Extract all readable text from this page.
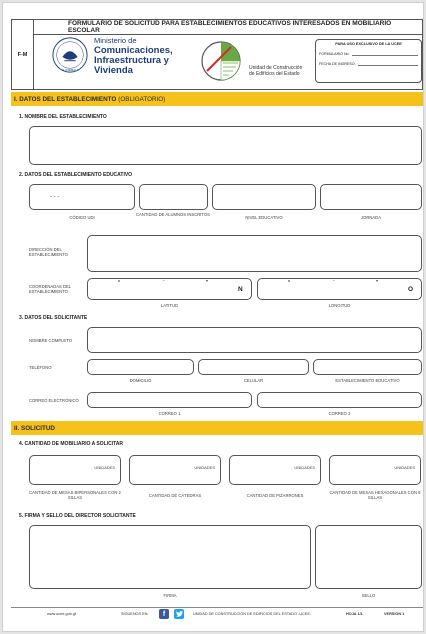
F-M
FORMULARIO DE SOLICITUD PARA ESTABLECIMIENTOS EDUCATIVOS INTERESADOS EN MOBILIARIO ESCOLAR
GUATEMALA
Ministerio de
Comunicaciones,
Infraestructura y
Vivienda	Unidad de Construcción
de Edificios del Estado
PARA USO EXCLUSIVO DE LA UCEE
FORMULARIO No.
FECHA DE INGRESO:
I. DATOS DEL ESTABLECIMIENTO (OBLIGATORIO)
1. NOMBRE DEL ESTABLECIMIENTO
2. DATOS DEL ESTABLECIMIENTO EDUCATIVO
- - -
CÓDIGO UDI
CANTIDAD DE ALUMNOS INSCRITOS
NIVEL EDUCATIVO	JORNADA
DIRECCIÓN DEL ESTABLECIMIENTO
COORDENADAS DEL ESTABLECIMIENTO
°	´	"
N
°	´	"
O
LATITUD	LONGITUD
3. DATOS DEL SOLICITANTE
NOMBRE COMPLETO
TELÉFONO
DOMICILIO	CELULAR	ESTABLECIMIENTO EDUCATIVO
CORREO ELECTRÓNICO
CORREO 1	CORREO 2
II. SOLICITUD
4. CANTIDAD DE MOBILIARIO A SOLICITAR
UNIDADES	UNIDADES	UNIDADES	UNIDADES
CANTIDAD DE MESAS BIPERSONALES CON 2 SILLAS	CANTIDAD DE CÁTEDRAS	CANTIDAD DE PIZARRONES
CANTIDAD DE MESAS HEXAGONALES CON 6 SILLAS
5. FIRMA Y SELLO DEL DIRECTOR SOLICITANTE
FIRMA	SELLO
www.ucee.gob.gt	SÍGUENOS EN:	f	UNIDAD DE CONSTRUCCIÓN DE EDIFICIOS DEL ESTADO -UCEE-	HOJA 1/1	VERSIÓN 1
